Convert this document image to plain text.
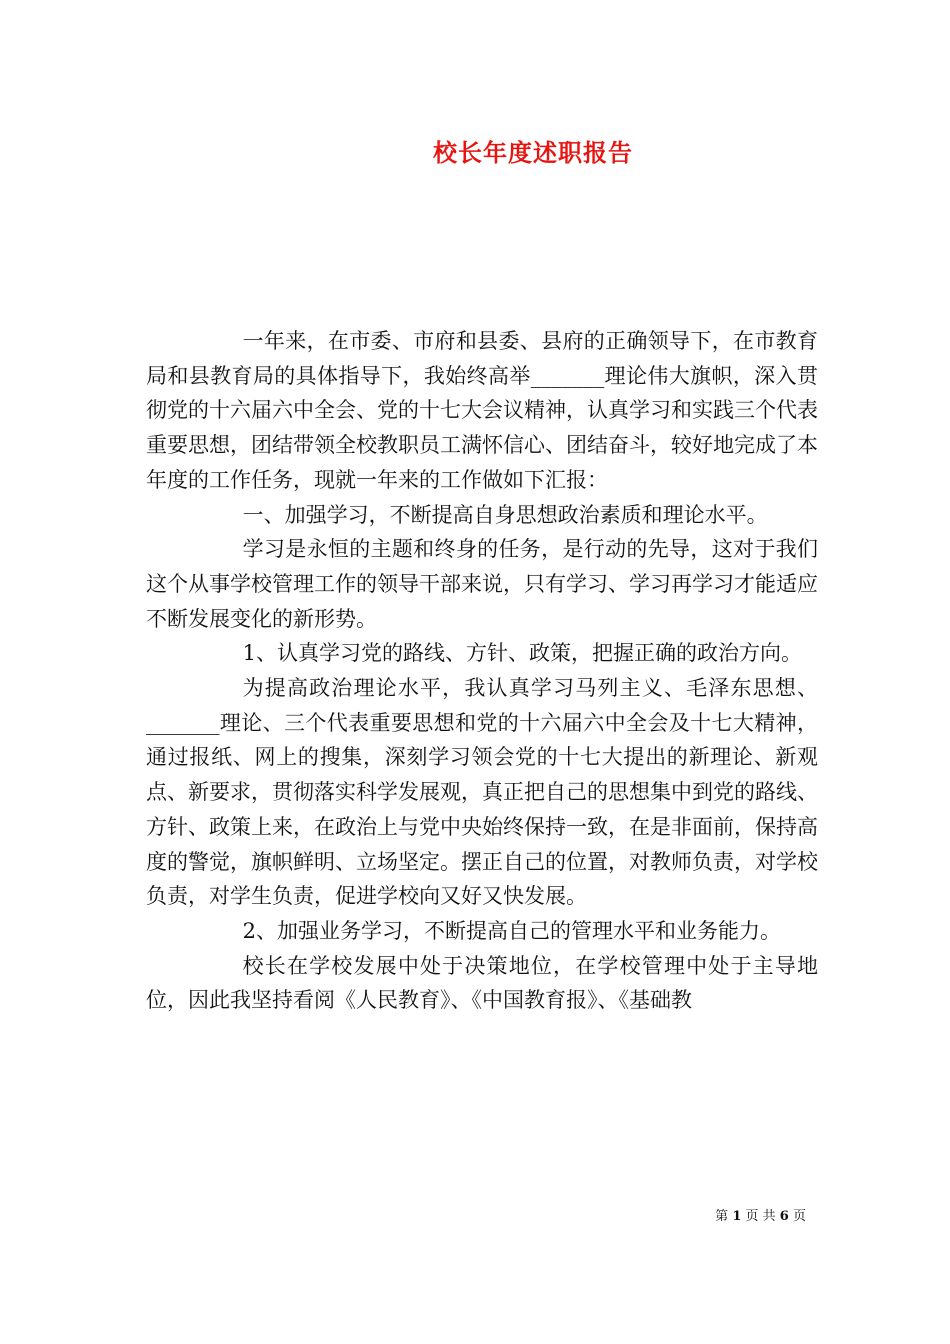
校长年度述职报告

一年来，在市委、市府和县委、县府的正确领导下，在市教育局和县教育局的具体指导下，我始终高举_______理论伟大旗帜，深入贯彻党的十六届六中全会、党的十七大会议精神，认真学习和实践三个代表重要思想，团结带领全校教职员工满怀信心、团结奋斗，较好地完成了本年度的工作任务，现就一年来的工作做如下汇报：

一、加强学习，不断提高自身思想政治素质和理论水平。

学习是永恒的主题和终身的任务，是行动的先导，这对于我们这个从事学校管理工作的领导干部来说，只有学习、学习再学习才能适应不断发展变化的新形势。

1、认真学习党的路线、方针、政策，把握正确的政治方向。

为提高政治理论水平，我认真学习马列主义、毛泽东思想、_______理论、三个代表重要思想和党的十六届六中全会及十七大精神，通过报纸、网上的搜集，深刻学习领会党的十七大提出的新理论、新观点、新要求，贯彻落实科学发展观，真正把自己的思想集中到党的路线、方针、政策上来，在政治上与党中央始终保持一致，在是非面前，保持高度的警觉，旗帜鲜明、立场坚定。摆正自己的位置，对教师负责，对学校负责，对学生负责，促进学校向又好又快发展。

2、加强业务学习，不断提高自己的管理水平和业务能力。

校长在学校发展中处于决策地位，在学校管理中处于主导地位，因此我坚持看阅《人民教育》、《中国教育报》、《基础教

第 1 页 共 6 页
